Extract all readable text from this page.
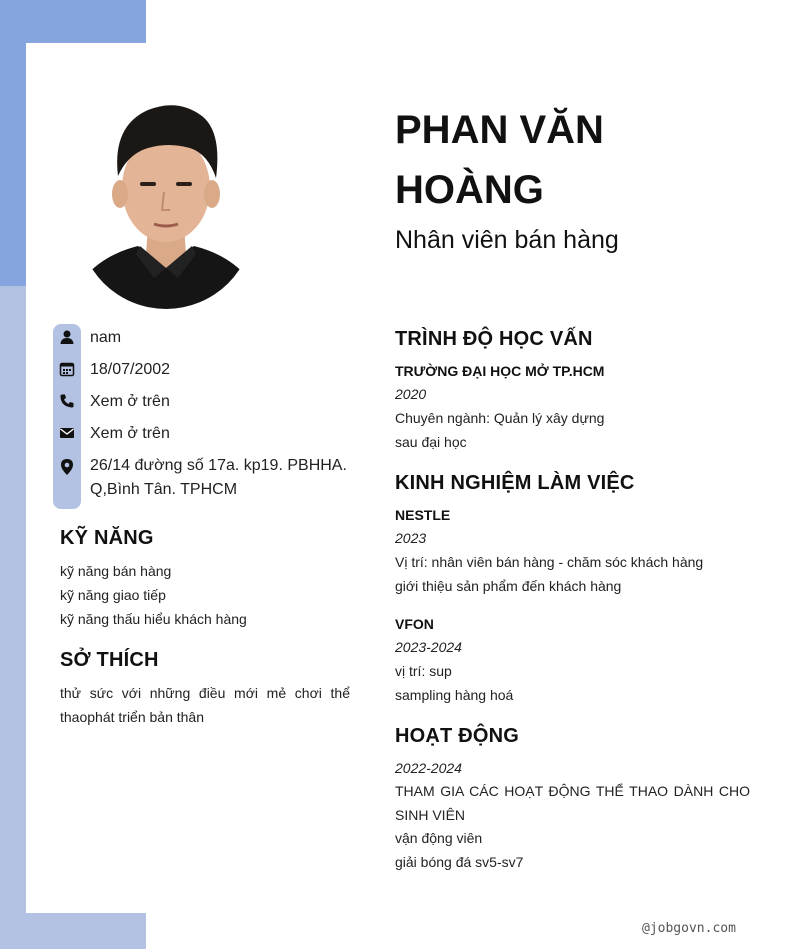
nam
18/07/2002
Xem ở trên
Xem ở trên
26/14 đường số 17a. kp19. PBHHA. Q,Bình Tân. TPHCM
KỸ NĂNG
kỹ năng bán hàng
kỹ năng giao tiếp
kỹ năng thấu hiểu khách hàng
SỞ THÍCH
thử sức với những điều mới mẻ chơi thể thaophát triển bản thân
PHAN VĂN HOÀNG
Nhân viên bán hàng
TRÌNH ĐỘ HỌC VẤN
TRƯỜNG ĐẠI HỌC MỞ TP.HCM
2020
Chuyên ngành: Quản lý xây dựng
sau đại học
KINH NGHIỆM LÀM VIỆC
NESTLE
2023
Vị trí: nhân viên bán hàng - chăm sóc khách hàng
giới thiệu sản phẩm đến khách hàng
VFON
2023-2024
vị trí: sup
sampling hàng hoá
HOẠT ĐỘNG
2022-2024
THAM GIA CÁC HOẠT ĐỘNG THỂ THAO DÀNH CHO SINH VIÊN
vận động viên
giải bóng đá sv5-sv7
@jobgovn.com
